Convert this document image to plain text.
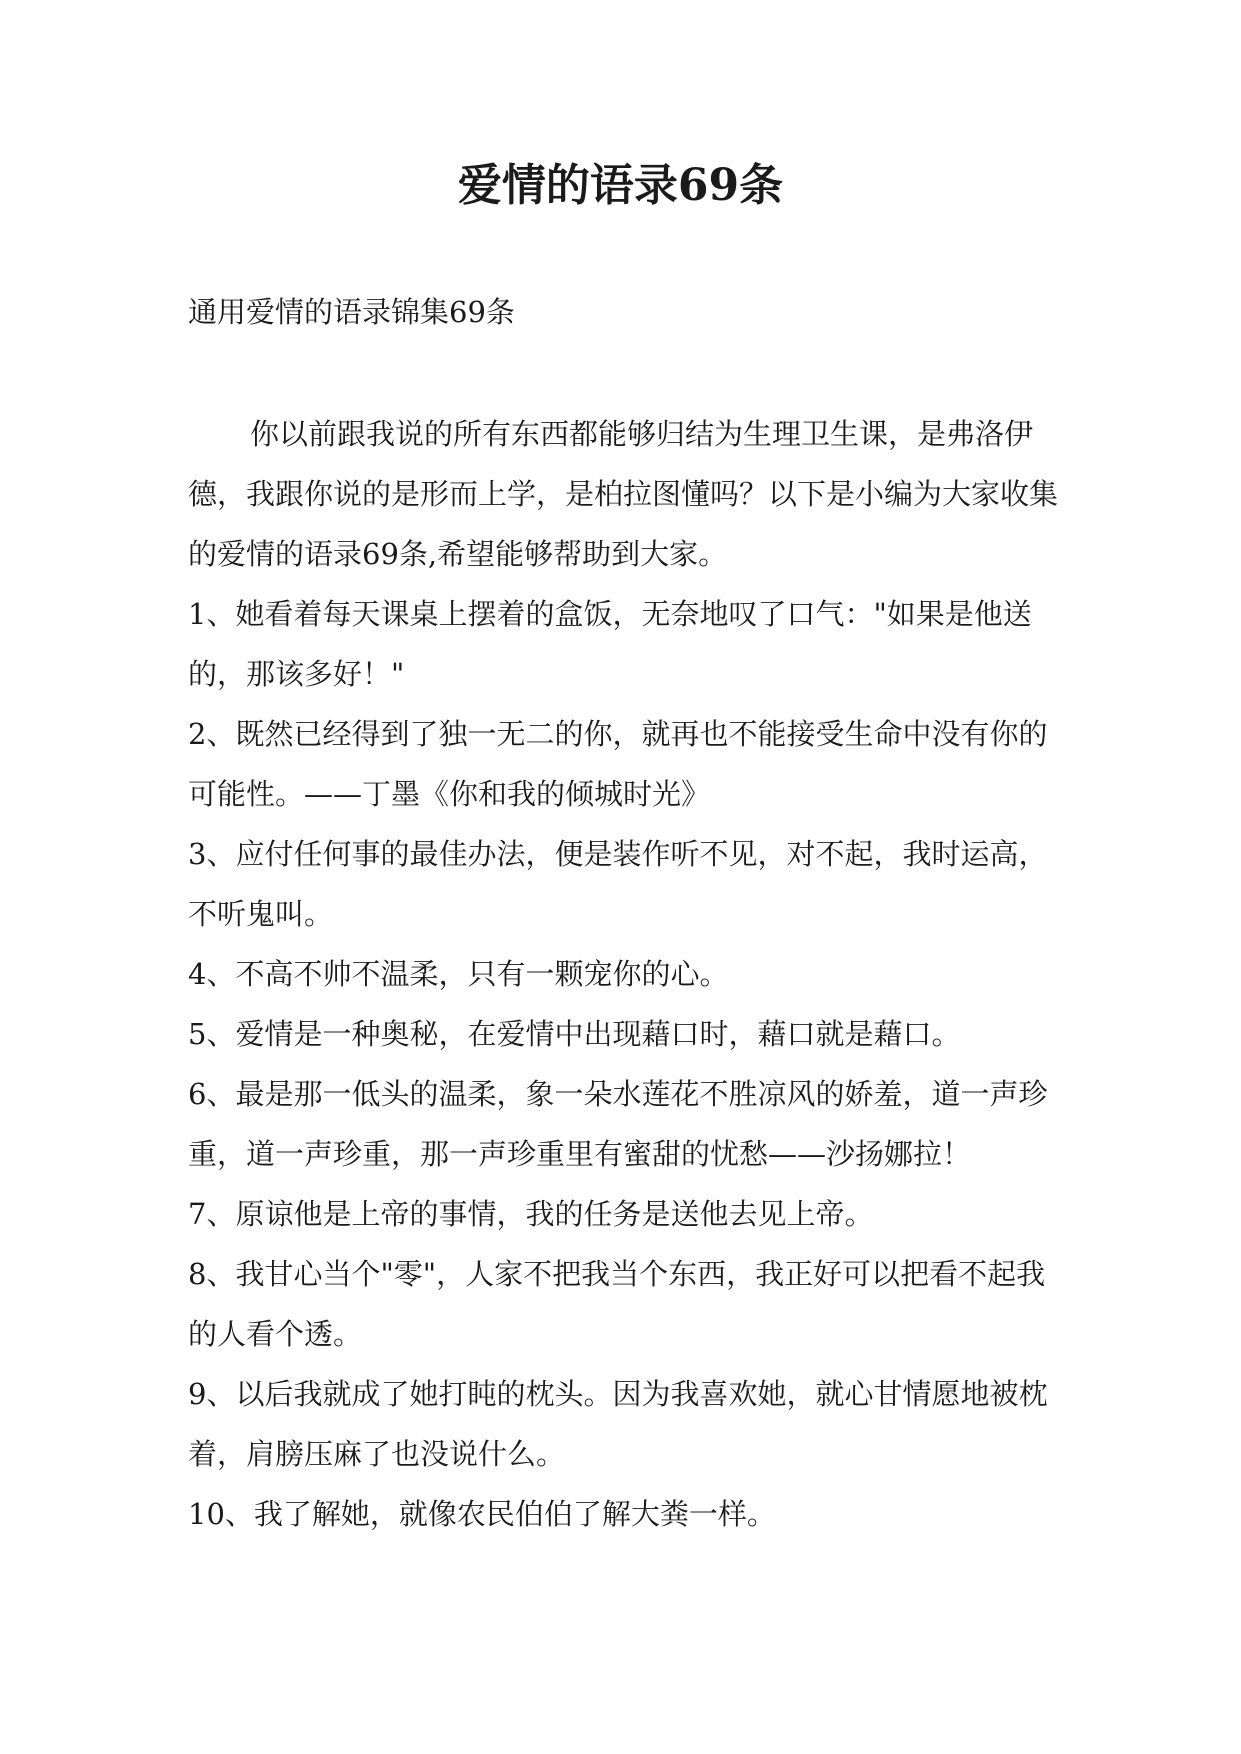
爱情的语录69条

通用爱情的语录锦集69条

你以前跟我说的所有东西都能够归结为生理卫生课，是弗洛伊德，我跟你说的是形而上学，是柏拉图懂吗？以下是小编为大家收集的爱情的语录69条,希望能够帮助到大家。

1、她看着每天课桌上摆着的盒饭，无奈地叹了口气："如果是他送的，那该多好！"

2、既然已经得到了独一无二的你，就再也不能接受生命中没有你的可能性。——丁墨《你和我的倾城时光》

3、应付任何事的最佳办法，便是装作听不见，对不起，我时运高，不听鬼叫。

4、不高不帅不温柔，只有一颗宠你的心。

5、爱情是一种奥秘，在爱情中出现藉口时，藉口就是藉口。

6、最是那一低头的温柔，象一朵水莲花不胜凉风的娇羞，道一声珍重，道一声珍重，那一声珍重里有蜜甜的忧愁——沙扬娜拉！

7、原谅他是上帝的事情，我的任务是送他去见上帝。

8、我甘心当个"零"，人家不把我当个东西，我正好可以把看不起我的人看个透。

9、以后我就成了她打盹的枕头。因为我喜欢她，就心甘情愿地被枕着，肩膀压麻了也没说什么。

10、我了解她，就像农民伯伯了解大粪一样。
